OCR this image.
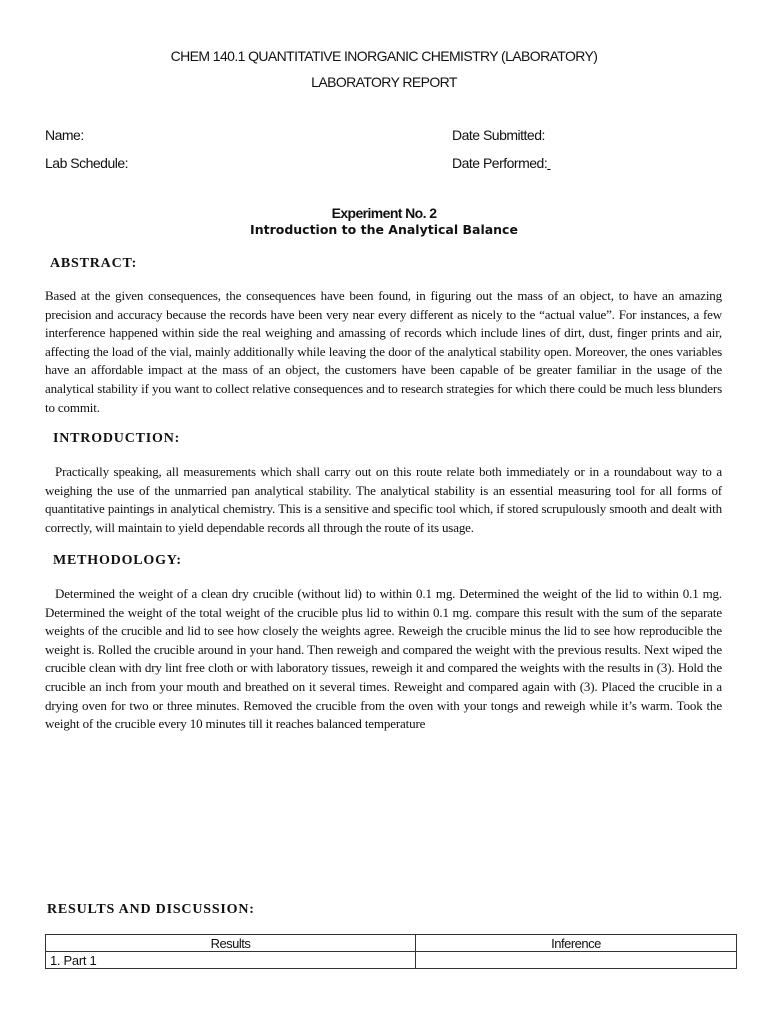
CHEM 140.1 QUANTITATIVE INORGANIC CHEMISTRY (LABORATORY)
LABORATORY REPORT
Name:
Lab Schedule:
Date Submitted:
Date Performed:
Experiment No. 2
Introduction to the Analytical Balance
ABSTRACT:
Based at the given consequences, the consequences have been found, in figuring out the mass of an object, to have an amazing precision and accuracy because the records have been very near every different as nicely to the “actual value”. For instances, a few interference happened within side the real weighing and amassing of records which include lines of dirt, dust, finger prints and air, affecting the load of the vial, mainly additionally while leaving the door of the analytical stability open. Moreover, the ones variables have an affordable impact at the mass of an object, the customers have been capable of be greater familiar in the usage of the analytical stability if you want to collect relative consequences and to research strategies for which there could be much less blunders to commit.
INTRODUCTION:
Practically speaking, all measurements which shall carry out on this route relate both immediately or in a roundabout way to a weighing the use of the unmarried pan analytical stability. The analytical stability is an essential measuring tool for all forms of quantitative paintings in analytical chemistry. This is a sensitive and specific tool which, if stored scrupulously smooth and dealt with correctly, will maintain to yield dependable records all through the route of its usage.
METHODOLOGY:
Determined the weight of a clean dry crucible (without lid) to within 0.1 mg. Determined the weight of the lid to within 0.1 mg. Determined the weight of the total weight of the crucible plus lid to within 0.1 mg. compare this result with the sum of the separate weights of the crucible and lid to see how closely the weights agree. Reweigh the crucible minus the lid to see how reproducible the weight is. Rolled the crucible around in your hand. Then reweigh and compared the weight with the previous results. Next wiped the crucible clean with dry lint free cloth or with laboratory tissues, reweigh it and compared the weights with the results in (3). Hold the crucible an inch from your mouth and breathed on it several times. Reweight and compared again with (3). Placed the crucible in a drying oven for two or three minutes. Removed the crucible from the oven with your tongs and reweigh while it’s warm. Took the weight of the crucible every 10 minutes till it reaches balanced temperature
RESULTS AND DISCUSSION:
Results	Inference
1. Part 1	
